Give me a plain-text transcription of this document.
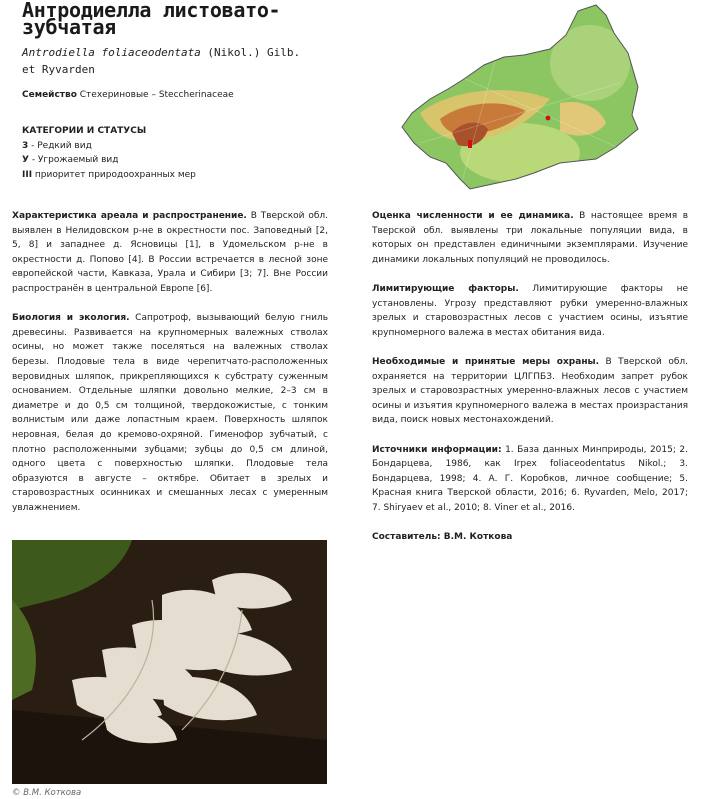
Антродиелла листовато-
зубчатая
Antrodiella foliaceodentata (Nikol.) Gilb.
et Ryvarden
Семейство Стехериновые – Steccherinaceae
КАТЕГОРИИ И СТАТУСЫ
3 - Редкий вид
У - Угрожаемый вид
III приоритет природоохранных мер

Характеристика ареала и распространение. В Тверской обл. выявлен в Нелидовском р-не в окрестности пос. Заповедный [2, 5, 8] и западнее д. Ясновицы [1], в Удомельском р-не в окрестности д. Попово [4]. В России встречается в лесной зоне европейской части, Кавказа, Урала и Сибири [3; 7]. Вне России распространён в центральной Европе [6].

Биология и экология. Сапротроф, вызывающий белую гниль древесины. Развивается на крупномерных валежных стволах осины, но может также поселяться на валежных стволах березы. Плодовые тела в виде черепитчато-расположенных веровидных шляпок, прикрепляющихся к субстрату суженным основанием. Отдельные шляпки довольно мелкие, 2–3 см в диаметре и до 0,5 см толщиной, твердокожистые, с тонким волнистым или даже лопастным краем. Поверхность шляпок неровная, белая до кремово-охряной. Гименофор зубчатый, с плотно расположенными зубцами; зубцы до 0,5 см длиной, одного цвета с поверхностью шляпки. Плодовые тела образуются в августе – октябре. Обитает в зрелых и старовозрастных осинниках и смешанных лесах с умеренным увлажнением.

Оценка численности и ее динамика. В настоящее время в Тверской обл. выявлены три локальные популяции вида, в которых он представлен единичными экземплярами. Изучение динамики локальных популяций не проводилось.

Лимитирующие факторы. Лимитирующие факторы не установлены. Угрозу представляют рубки умеренно-влажных зрелых и старовозрастных лесов с участием осины, изъятие крупномерного валежа в местах обитания вида.

Необходимые и принятые меры охраны. В Тверской обл. охраняется на территории ЦЛГПБЗ. Необходим запрет рубок зрелых и старовозрастных умеренно-влажных лесов с участием осины и изъятия крупномерного валежа в местах произрастания вида, поиск новых местонахождений.

Источники информации: 1. База данных Минприроды, 2015; 2. Бондарцева, 1986, как Irpex foliaceodentatus Nikol.; 3. Бондарцева, 1998; 4. А. Г. Коробков, личное сообщение; 5. Красная книга Тверской области, 2016; 6. Ryvarden, Melo, 2017; 7. Shiryaev et al., 2010; 8. Viner et al., 2016.

Составитель: В.М. Коткова

© В.М. Коткова
